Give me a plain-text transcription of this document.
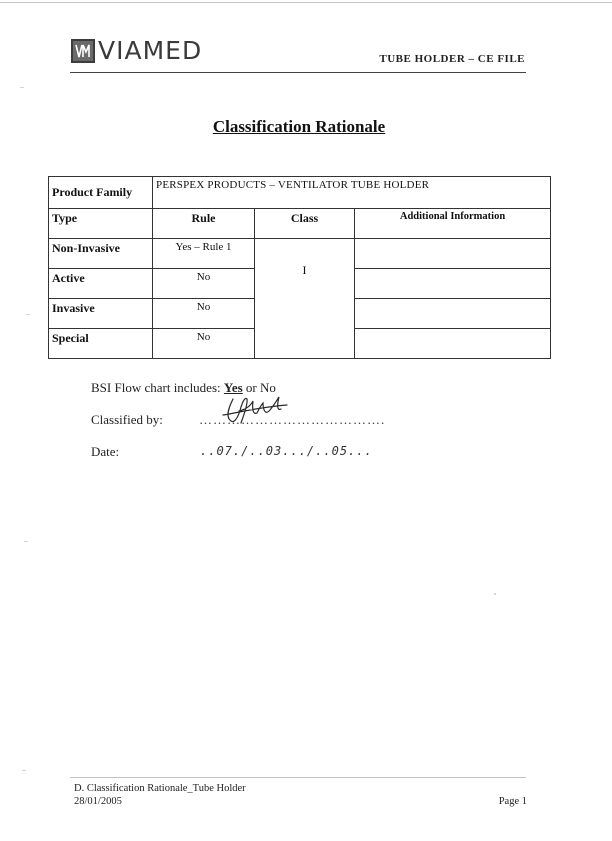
VIAMED	TUBE HOLDER – CE FILE
Classification Rationale
Product Family	PERSPEX PRODUCTS – VENTILATOR TUBE HOLDER		
Type	Rule	Class	Additional Information
Non-Invasive	Yes – Rule 1	I	
Active	No		
Invasive	No		
Special	No		
BSI Flow chart includes: Yes or No
Classified by:	………………………………….
Date:	..07./..03.../..05...
D. Classification Rationale_Tube Holder
28/01/2005	Page 1
